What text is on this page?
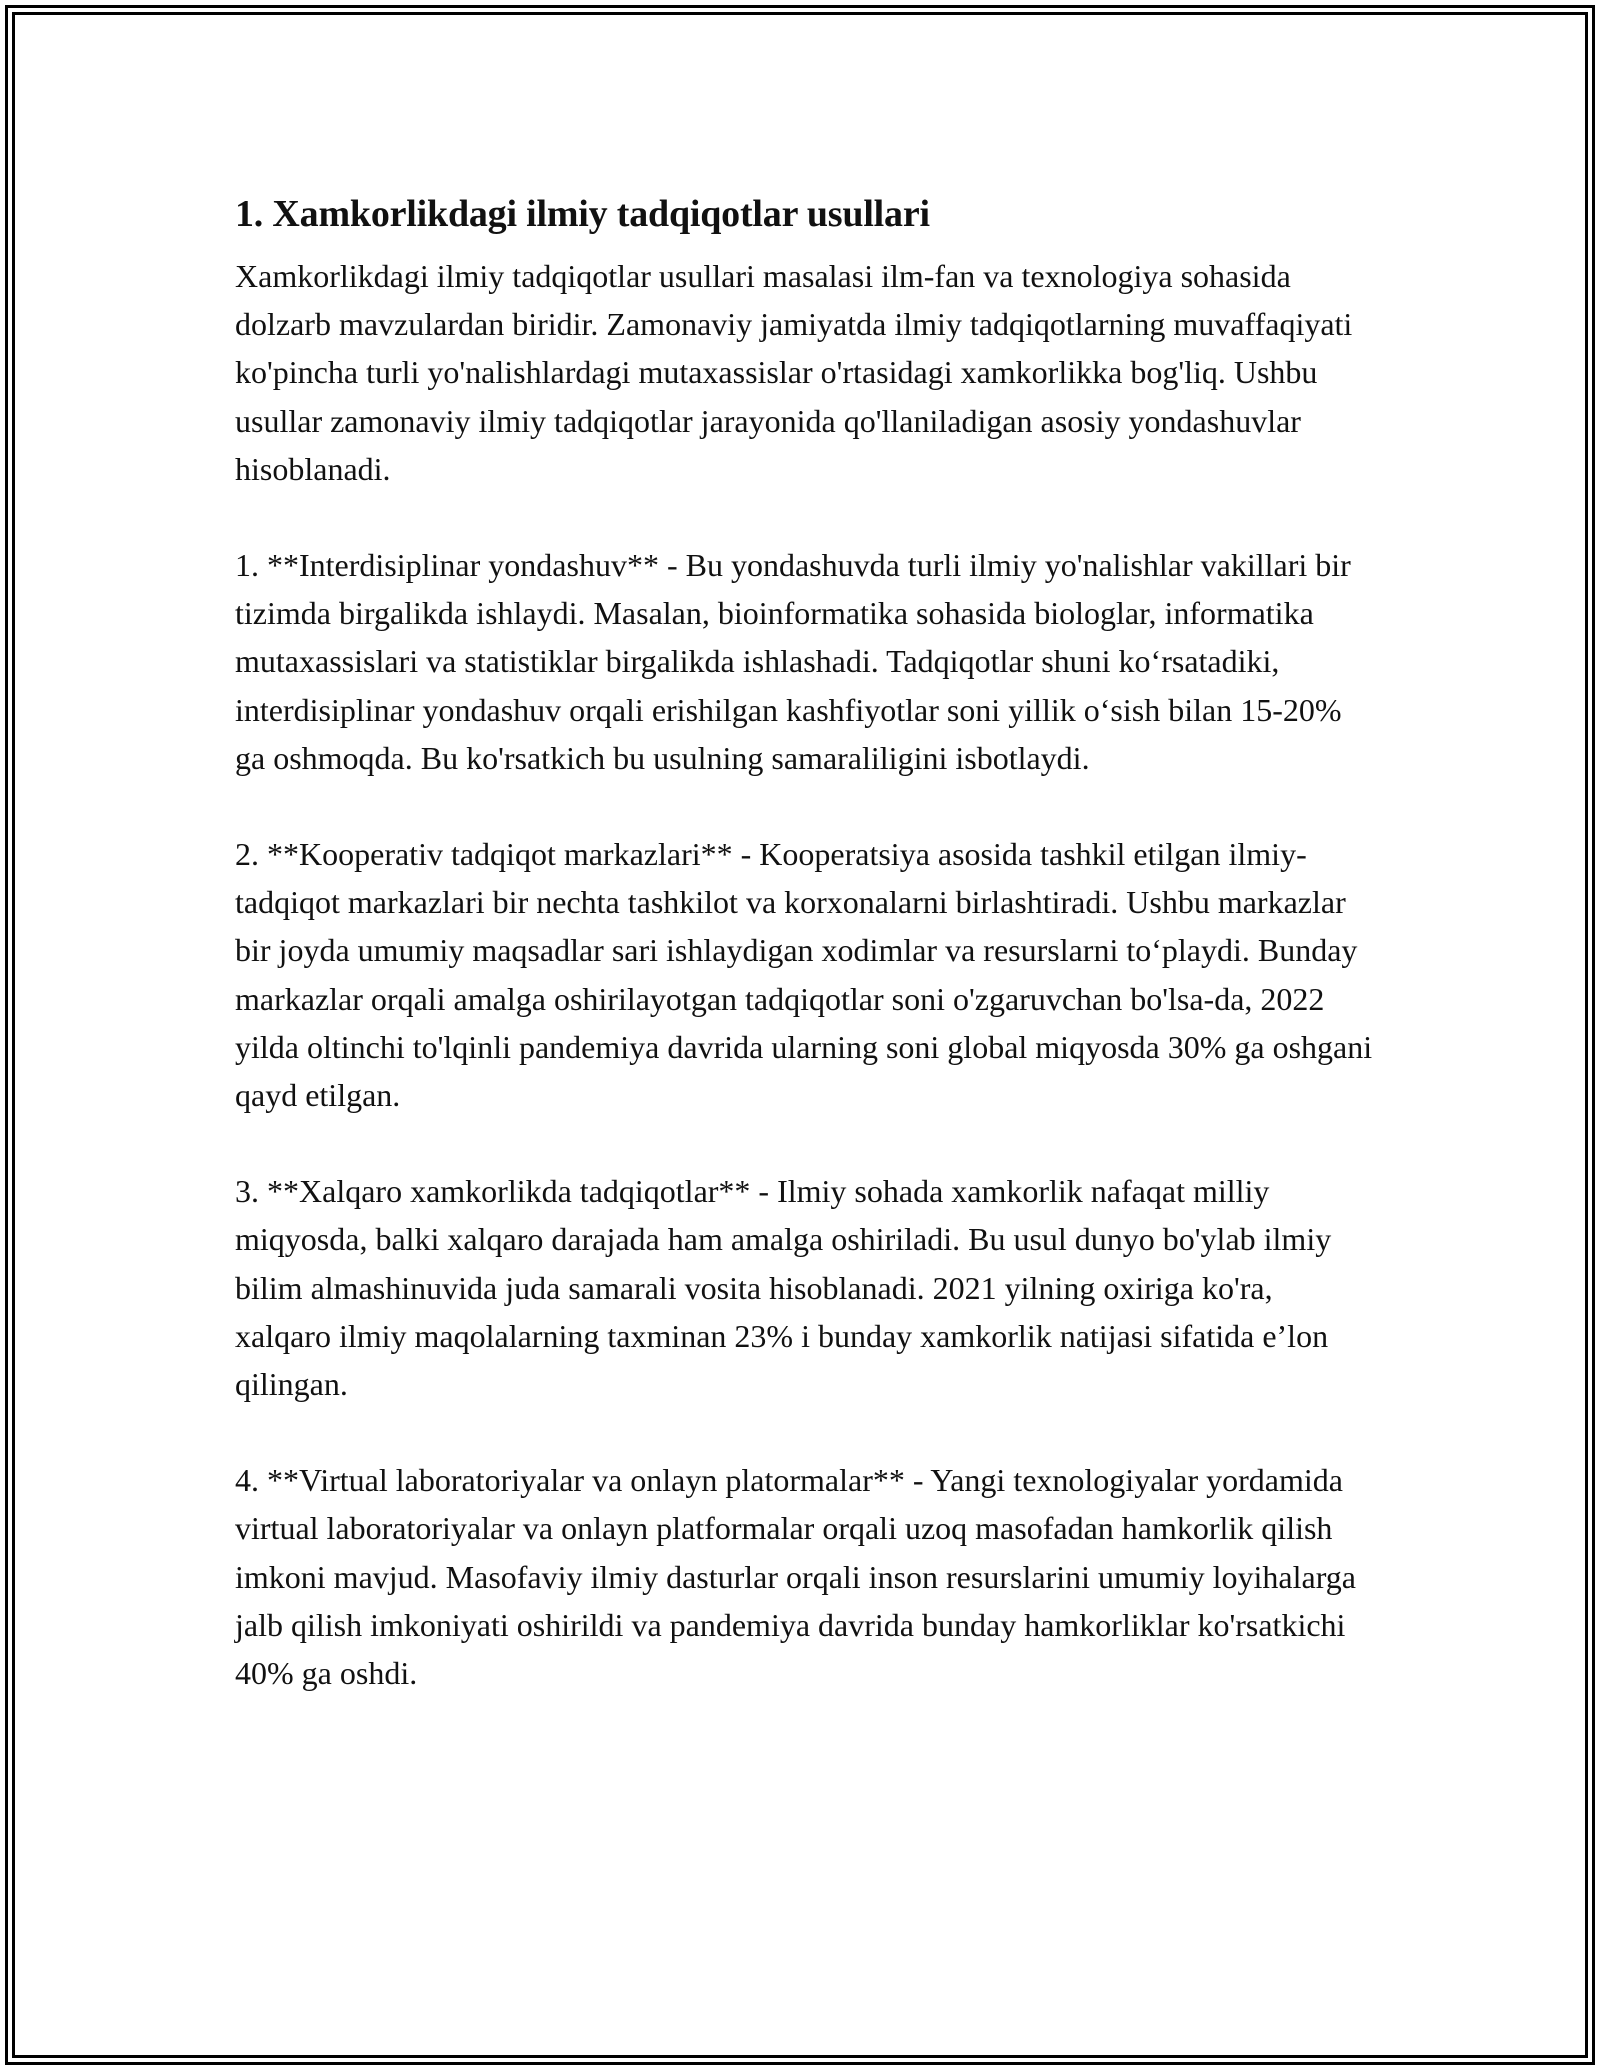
1. Xamkorlikdagi ilmiy tadqiqotlar usullari

Xamkorlikdagi ilmiy tadqiqotlar usullari masalasi ilm-fan va texnologiya sohasida dolzarb mavzulardan biridir. Zamonaviy jamiyatda ilmiy tadqiqotlarning muvaffaqiyati ko'pincha turli yo'nalishlardagi mutaxassislar o'rtasidagi xamkorlikka bog'liq. Ushbu usullar zamonaviy ilmiy tadqiqotlar jarayonida qo'llaniladigan asosiy yondashuvlar hisoblanadi.

1. **Interdisiplinar yondashuv** - Bu yondashuvda turli ilmiy yo'nalishlar vakillari bir tizimda birgalikda ishlaydi. Masalan, bioinformatika sohasida biologlar, informatika mutaxassislari va statistiklar birgalikda ishlashadi. Tadqiqotlar shuni ko‘rsatadiki, interdisiplinar yondashuv orqali erishilgan kashfiyotlar soni yillik o‘sish bilan 15-20% ga oshmoqda. Bu ko'rsatkich bu usulning samaraliligini isbotlaydi.

2. **Kooperativ tadqiqot markazlari** - Kooperatsiya asosida tashkil etilgan ilmiy-tadqiqot markazlari bir nechta tashkilot va korxonalarni birlashtiradi. Ushbu markazlar bir joyda umumiy maqsadlar sari ishlaydigan xodimlar va resurslarni to‘playdi. Bunday markazlar orqali amalga oshirilayotgan tadqiqotlar soni o'zgaruvchan bo'lsa-da, 2022 yilda oltinchi to'lqinli pandemiya davrida ularning soni global miqyosda 30% ga oshgani qayd etilgan.

3. **Xalqaro xamkorlikda tadqiqotlar** - Ilmiy sohada xamkorlik nafaqat milliy miqyosda, balki xalqaro darajada ham amalga oshiriladi. Bu usul dunyo bo'ylab ilmiy bilim almashinuvida juda samarali vosita hisoblanadi. 2021 yilning oxiriga ko'ra, xalqaro ilmiy maqolalarning taxminan 23% i bunday xamkorlik natijasi sifatida e’lon qilingan.

4. **Virtual laboratoriyalar va onlayn platormalar** - Yangi texnologiyalar yordamida virtual laboratoriyalar va onlayn platformalar orqali uzoq masofadan hamkorlik qilish imkoni mavjud. Masofaviy ilmiy dasturlar orqali inson resurslarini umumiy loyihalarga jalb qilish imkoniyati oshirildi va pandemiya davrida bunday hamkorliklar ko'rsatkichi 40% ga oshdi.
